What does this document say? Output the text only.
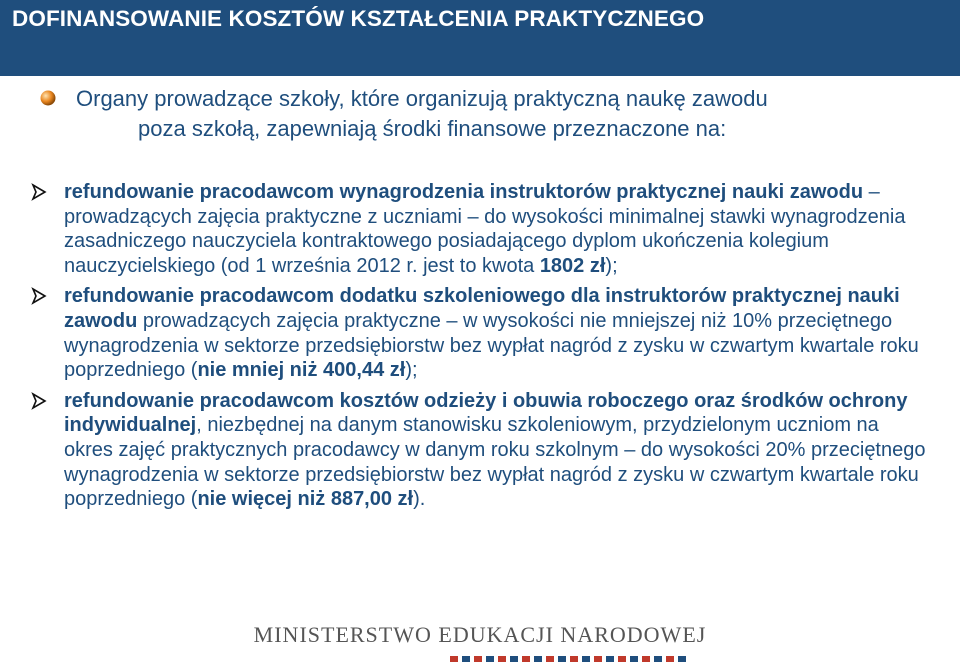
DOFINANSOWANIE KOSZTÓW KSZTAŁCENIA PRAKTYCZNEGO
Organy prowadzące szkoły, które organizują praktyczną naukę zawodu
poza szkołą, zapewniają środki finansowe przeznaczone na:
refundowanie pracodawcom wynagrodzenia instruktorów praktycznej nauki zawodu – prowadzących zajęcia praktyczne z uczniami – do wysokości minimalnej stawki wynagrodzenia zasadniczego nauczyciela kontraktowego posiadającego dyplom ukończenia kolegium nauczycielskiego (od 1 września 2012 r. jest to kwota 1802 zł);
refundowanie pracodawcom dodatku szkoleniowego dla instruktorów praktycznej nauki zawodu prowadzących zajęcia praktyczne – w wysokości nie mniejszej niż 10% przeciętnego wynagrodzenia w sektorze przedsiębiorstw bez wypłat nagród z zysku w czwartym kwartale roku poprzedniego (nie mniej niż 400,44 zł);
refundowanie pracodawcom kosztów odzieży i obuwia roboczego oraz środków ochrony indywidualnej, niezbędnej na danym stanowisku szkoleniowym, przydzielonym uczniom na okres zajęć praktycznych pracodawcy w danym roku szkolnym – do wysokości 20% przeciętnego wynagrodzenia w sektorze przedsiębiorstw bez wypłat nagród z zysku w czwartym kwartale roku poprzedniego (nie więcej niż 887,00 zł).
MINISTERSTWO EDUKACJI NARODOWEJ
